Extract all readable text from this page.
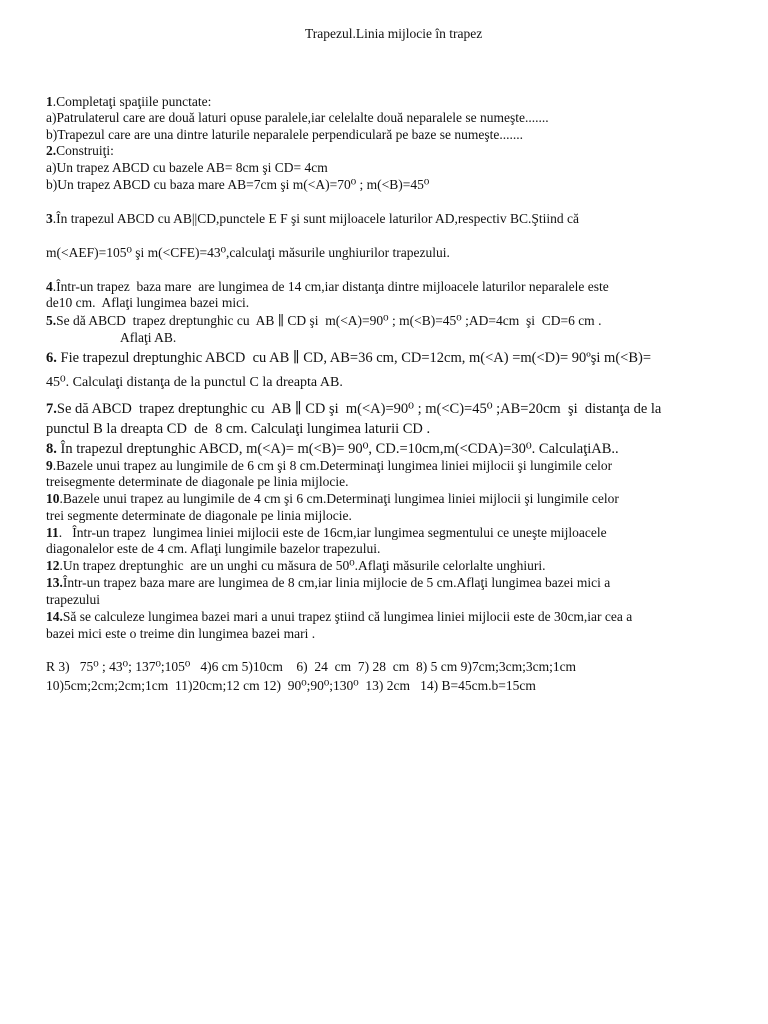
Trapezul.Linia mijlocie în trapez
1.Completaţi spaţiile punctate:
a)Patrulaterul care are două laturi opuse paralele,iar celelalte două neparalele se numeşte.......
b)Trapezul care are una dintre laturile neparalele perpendiculară pe baze se numeşte.......
2.Construiţi:
a)Un trapez ABCD cu bazele AB= 8cm şi CD= 4cm
b)Un trapez ABCD cu baza mare AB=7cm şi m(<A)=70⁰ ; m(<B)=45⁰
3.În trapezul ABCD cu AB||CD,punctele E F şi sunt mijloacele laturilor AD,respectiv BC.Ştiind că
m(<AEF)=105⁰ şi m(<CFE)=43⁰,calculaţi măsurile unghiurilor trapezului.
4.Într-un trapez  baza mare  are lungimea de 14 cm,iar distanţa dintre mijloacele laturilor neparalele este
de10 cm.  Aflaţi lungimea bazei mici.
5.Se dă ABCD  trapez dreptunghic cu  AB ∥ CD şi  m(<A)=90⁰ ; m(<B)=45⁰ ;AD=4cm  şi  CD=6 cm .
Aflaţi AB.
6. Fie trapezul dreptunghic ABCD  cu AB ∥ CD, AB=36 cm, CD=12cm, m(<A) =m(<D)= 90ºşi m(<B)=
45⁰. Calculaţi distanţa de la punctul C la dreapta AB.
7.Se dă ABCD  trapez dreptunghic cu  AB ∥ CD şi  m(<A)=90⁰ ; m(<C)=45⁰ ;AB=20cm  şi  distanţa de la
punctul B la dreapta CD  de  8 cm. Calculaţi lungimea laturii CD .
8. În trapezul dreptunghic ABCD, m(<A)= m(<B)= 90⁰, CD.=10cm,m(<CDA)=30⁰. CalculaţiAB..
9.Bazele unui trapez au lungimile de 6 cm şi 8 cm.Determinaţi lungimea liniei mijlocii şi lungimile celor
treisegmente determinate de diagonale pe linia mijlocie.
10.Bazele unui trapez au lungimile de 4 cm şi 6 cm.Determinaţi lungimea liniei mijlocii şi lungimile celor
trei segmente determinate de diagonale pe linia mijlocie.
11.   Într-un trapez  lungimea liniei mijlocii este de 16cm,iar lungimea segmentului ce uneşte mijloacele
diagonalelor este de 4 cm. Aflaţi lungimile bazelor trapezului.
12.Un trapez dreptunghic  are un unghi cu măsura de 50⁰.Aflaţi măsurile celorlalte unghiuri.
13.Într-un trapez baza mare are lungimea de 8 cm,iar linia mijlocie de 5 cm.Aflaţi lungimea bazei mici a
trapezului
14.Să se calculeze lungimea bazei mari a unui trapez ştiind că lungimea liniei mijlocii este de 30cm,iar cea a
bazei mici este o treime din lungimea bazei mari .
R 3)   75⁰ ; 43⁰; 137⁰;105⁰   4)6 cm 5)10cm    6)  24  cm  7) 28  cm  8) 5 cm 9)7cm;3cm;3cm;1cm
10)5cm;2cm;2cm;1cm  11)20cm;12 cm 12)  90⁰;90⁰;130⁰  13) 2cm   14) B=45cm.b=15cm
